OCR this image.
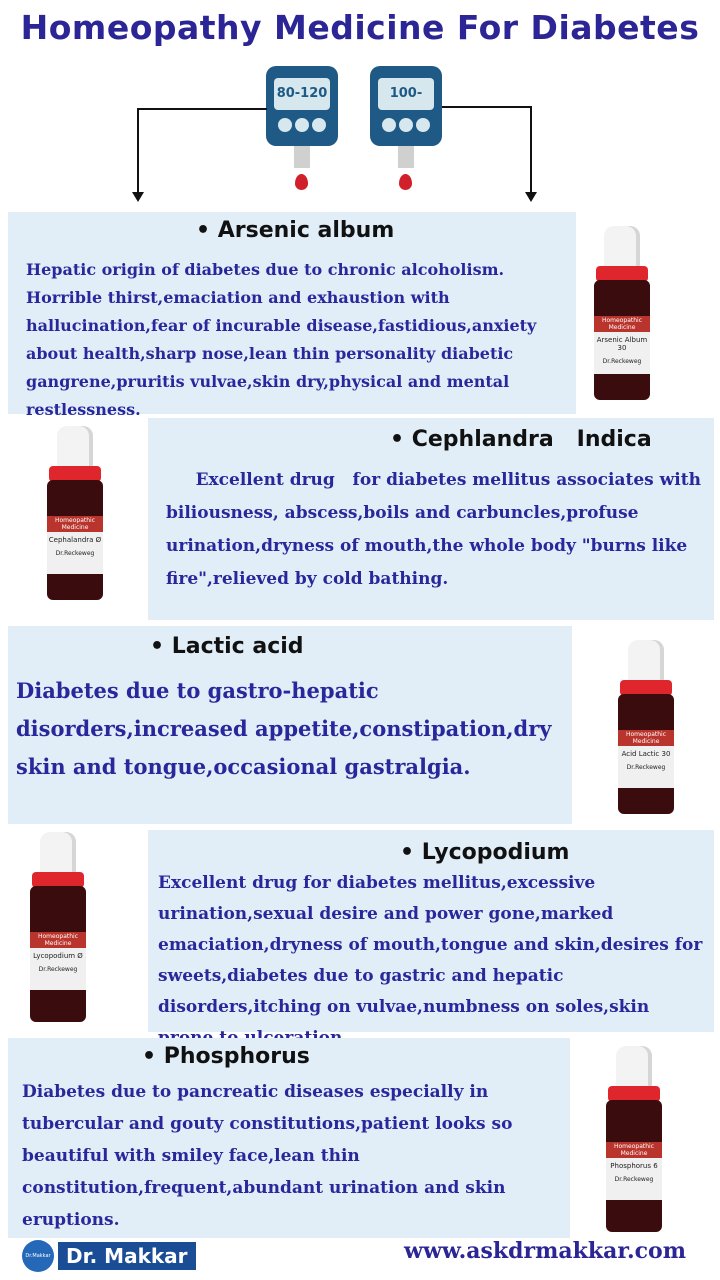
Homeopathy Medicine For Diabetes
80-120	100-1
• Arsenic album
Hepatic origin of diabetes due to chronic alcoholism. Horrible thirst,emaciation and exhaustion with hallucination,fear of incurable disease,fastidious,anxiety about health,sharp nose,lean thin personality diabetic gangrene,pruritis vulvae,skin dry,physical and mental restlessness.
Homeopathic Medicine
Arsenic Album 30
Dr.Reckeweg
• Cephlandra   Indica
Excellent drug   for diabetes mellitus associates with biliousness, abscess,boils and carbuncles,profuse urination,dryness of mouth,the whole body "burns like fire",relieved by cold bathing.
Homeopathic Medicine
Cephalandra Ø
Dr.Reckeweg
• Lactic acid
Diabetes due to gastro-hepatic disorders,increased appetite,constipation,dry skin and tongue,occasional gastralgia.
Homeopathic Medicine
Acid Lactic 30
Dr.Reckeweg
• Lycopodium
Excellent drug for diabetes mellitus,excessive urination,sexual desire and power gone,marked emaciation,dryness of mouth,tongue and skin,desires for sweets,diabetes due to gastric and hepatic disorders,itching on vulvae,numbness on soles,skin
Homeopathic Medicine
Lycopodium Ø
Dr.Reckeweg
• Phosphorus
Diabetes due to pancreatic diseases especially in tubercular and gouty constitutions,patient looks so beautiful with smiley face,lean thin constitution,frequent,abundant urination and skin eruptions.
Homeopathic Medicine
Phosphorus 6
Dr.Reckeweg
Dr.Makkar Dr. Makkar	www.askdrmakkar.com
